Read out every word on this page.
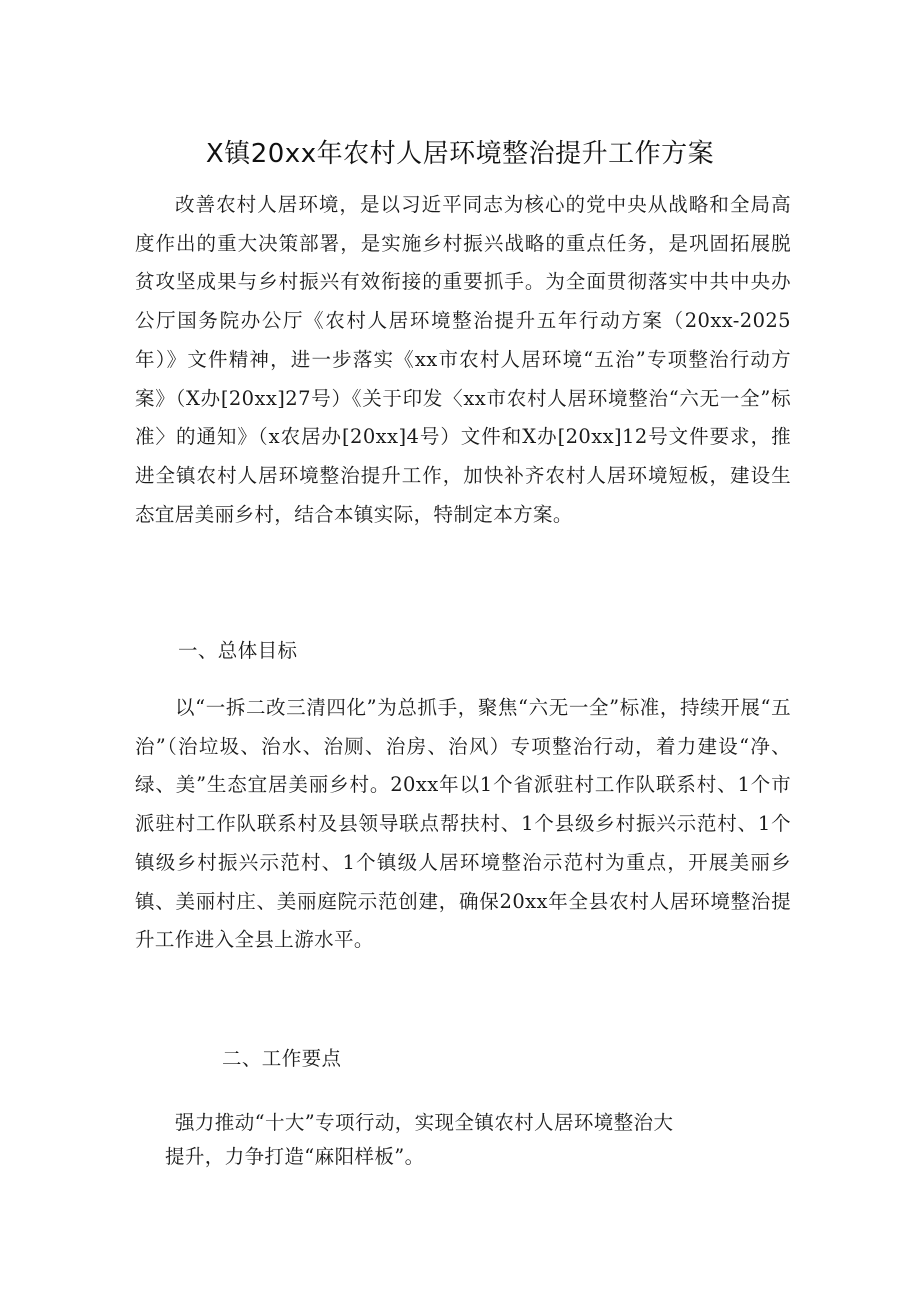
X镇20xx年农村人居环境整治提升工作方案
改善农村人居环境，是以习近平同志为核心的党中央从战略和全局高度作出的重大决策部署，是实施乡村振兴战略的重点任务，是巩固拓展脱贫攻坚成果与乡村振兴有效衔接的重要抓手。为全面贯彻落实中共中央办公厅国务院办公厅《农村人居环境整治提升五年行动方案（20xx-2025年）》文件精神，进一步落实《xx市农村人居环境“五治”专项整治行动方案》（X办[20xx]27号）《关于印发〈xx市农村人居环境整治“六无一全”标准〉的通知》（x农居办[20xx]4号）文件和X办[20xx]12号文件要求，推进全镇农村人居环境整治提升工作，加快补齐农村人居环境短板，建设生态宜居美丽乡村，结合本镇实际，特制定本方案。
一、总体目标
以“一拆二改三清四化”为总抓手，聚焦“六无一全”标准，持续开展“五治”（治垃圾、治水、治厕、治房、治风）专项整治行动，着力建设“净、绿、美”生态宜居美丽乡村。20xx年以1个省派驻村工作队联系村、1个市派驻村工作队联系村及县领导联点帮扶村、1个县级乡村振兴示范村、1个镇级乡村振兴示范村、1个镇级人居环境整治示范村为重点，开展美丽乡镇、美丽村庄、美丽庭院示范创建，确保20xx年全县农村人居环境整治提升工作进入全县上游水平。
二、工作要点
强力推动“十大”专项行动，实现全镇农村人居环境整治大
提升，力争打造“麻阳样板”。
